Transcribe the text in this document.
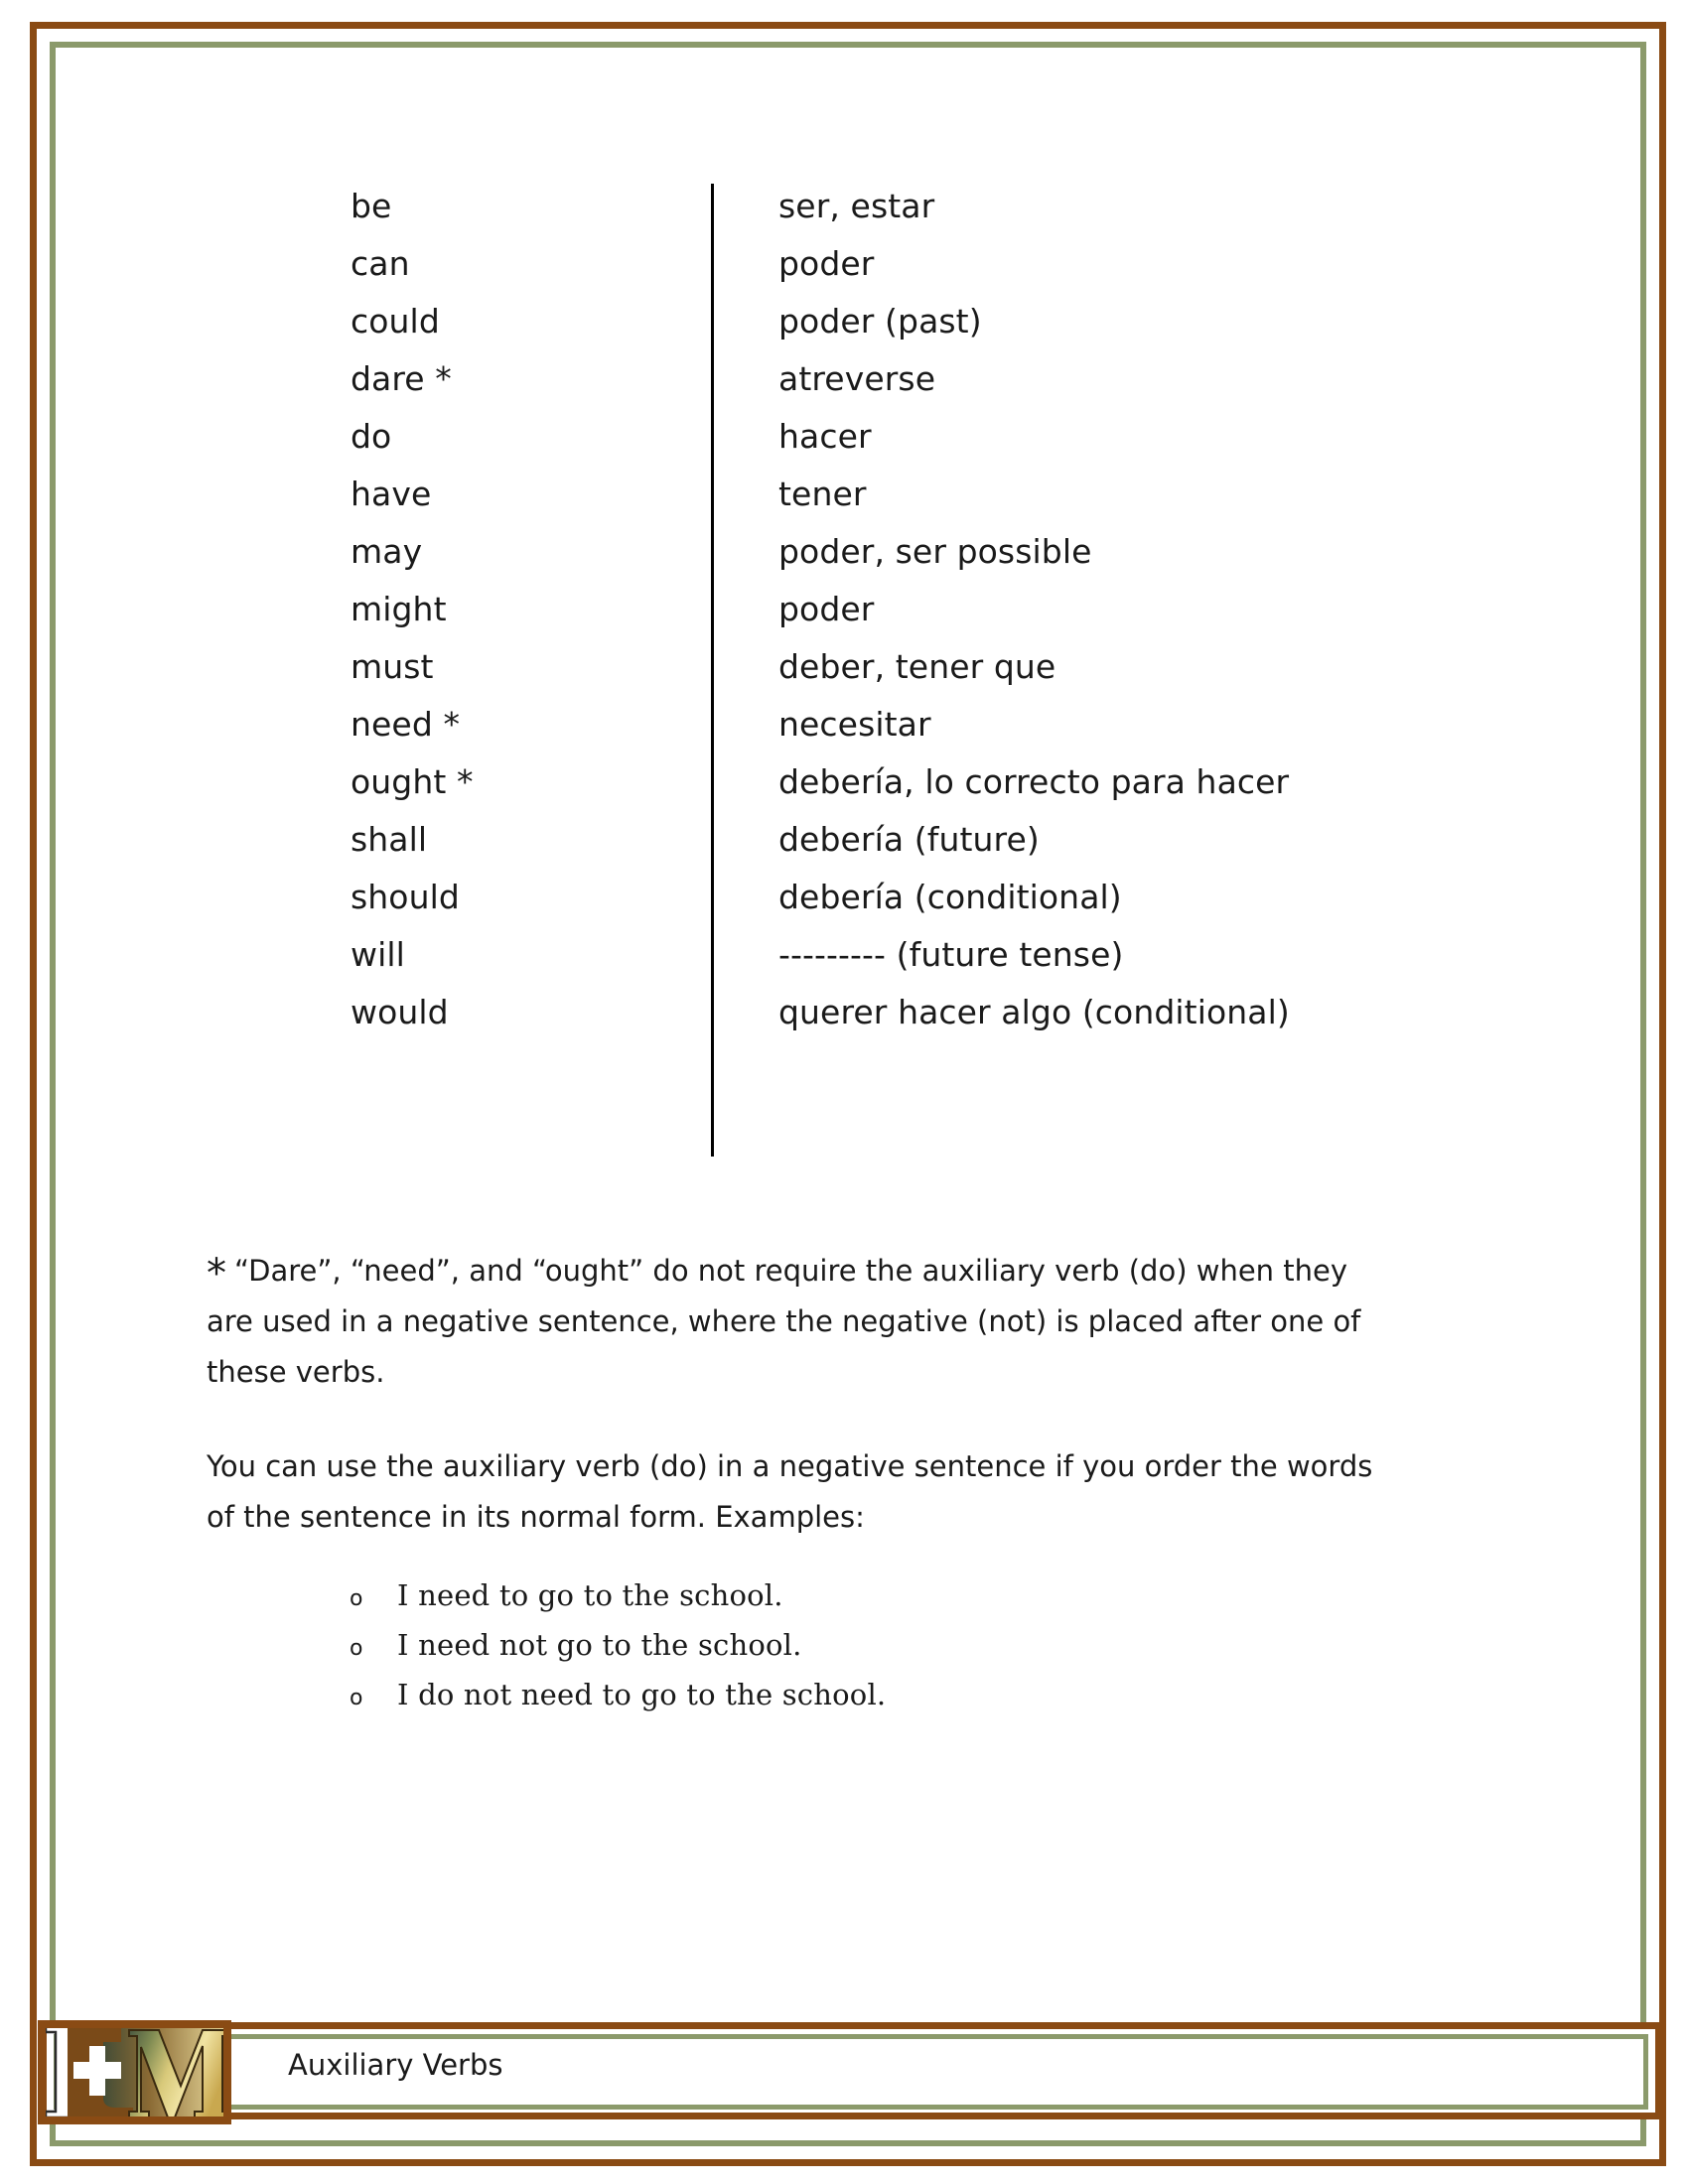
be	ser, estar
can	poder
could	poder (past)
dare *	atreverse
do	hacer
have	tener
may	poder, ser possible
might	poder
must	deber, tener que
need *	necesitar
ought *	debería, lo correcto para hacer
shall	debería (future)
should	debería (conditional)
will	--------- (future tense)
would	querer hacer algo (conditional)

* “Dare”, “need”, and “ought” do not require the auxiliary verb (do) when they are used in a negative sentence, where the negative (not) is placed after one of these verbs.

You can use the auxiliary verb (do) in a negative sentence if you order the words of the sentence in its normal form. Examples:

o	I need to go to the school.
o	I need not go to the school.
o	I do not need to go to the school.
Auxiliary Verbs
